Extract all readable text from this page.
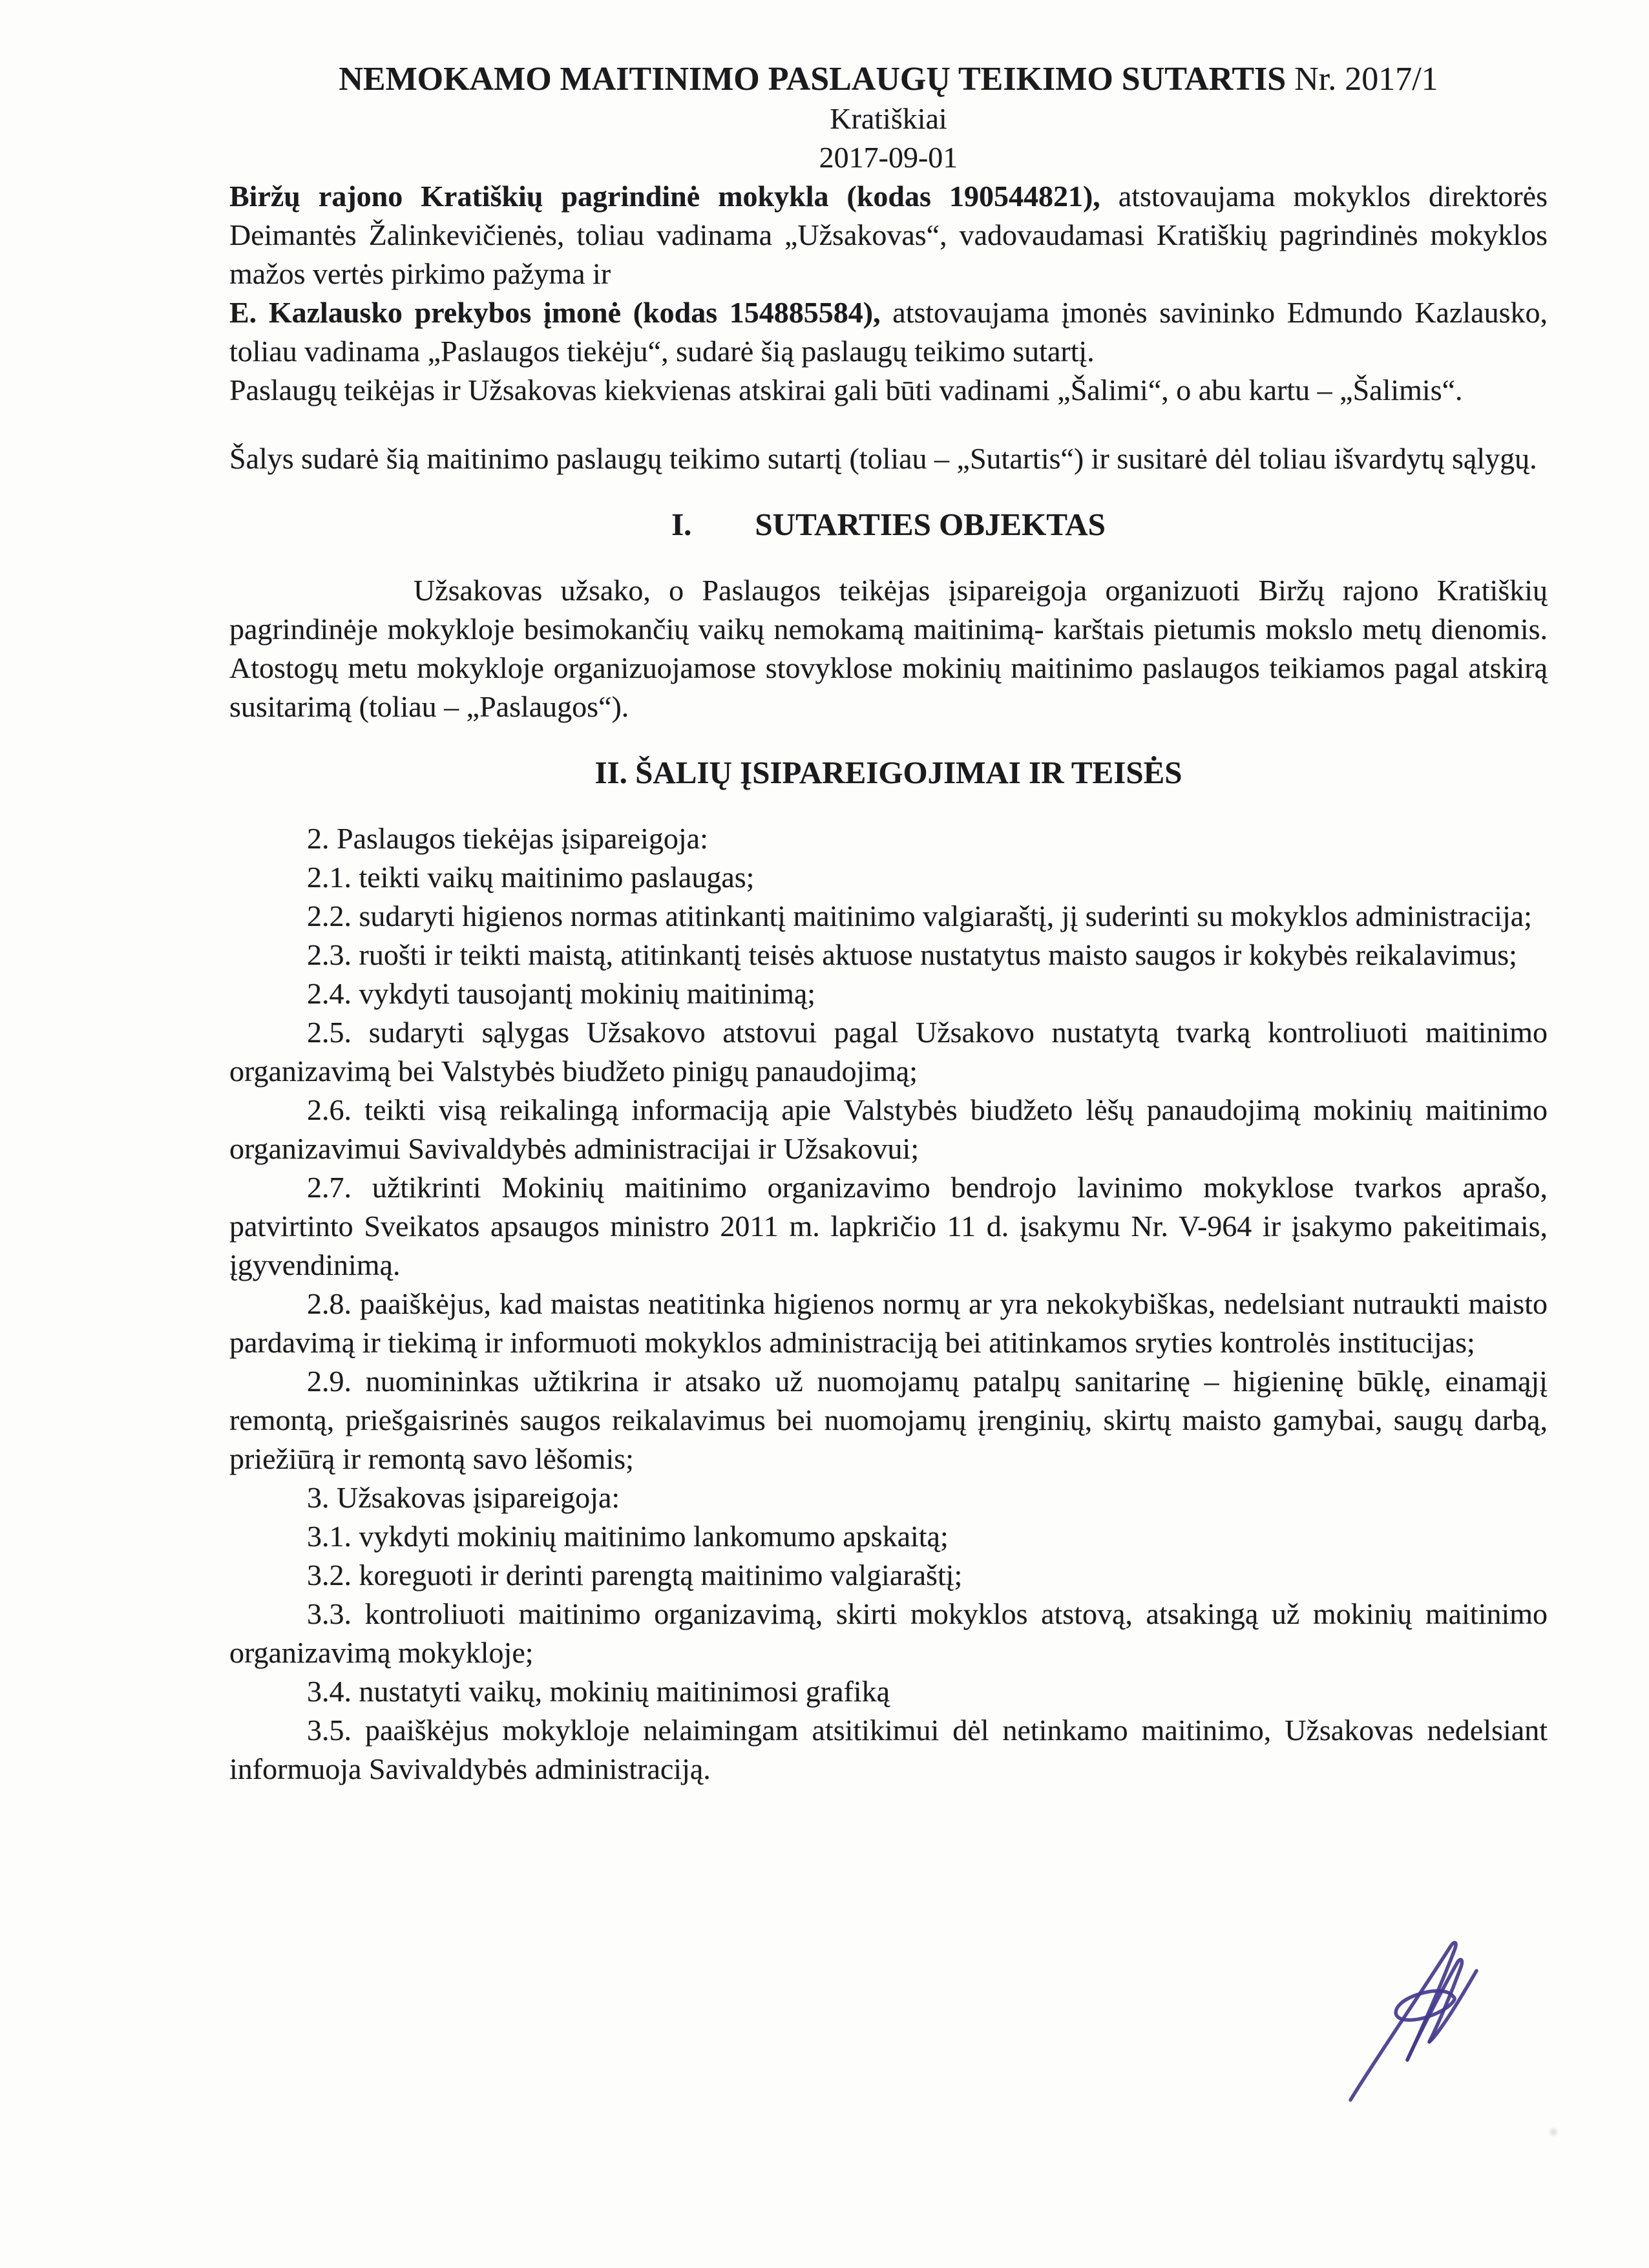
NEMOKAMO MAITINIMO PASLAUGŲ TEIKIMO SUTARTIS Nr. 2017/1

Kratiškiai

2017-09-01

Biržų rajono Kratiškių pagrindinė mokykla (kodas 190544821), atstovaujama mokyklos direktorės Deimantės Žalinkevičienės, toliau vadinama „Užsakovas“, vadovaudamasi Kratiškių pagrindinės mokyklos mažos vertės pirkimo pažyma ir

E. Kazlausko prekybos įmonė (kodas 154885584), atstovaujama įmonės savininko Edmundo Kazlausko, toliau vadinama „Paslaugos tiekėju“, sudarė šią paslaugų teikimo sutartį.

Paslaugų teikėjas ir Užsakovas kiekvienas atskirai gali būti vadinami „Šalimi“, o abu kartu – „Šalimis“.

Šalys sudarė šią maitinimo paslaugų teikimo sutartį (toliau – „Sutartis“) ir susitarė dėl toliau išvardytų sąlygų.

I.  SUTARTIES OBJEKTAS

Užsakovas užsako, o Paslaugos teikėjas įsipareigoja organizuoti Biržų rajono Kratiškių pagrindinėje mokykloje besimokančių vaikų nemokamą maitinimą- karštais pietumis mokslo metų dienomis. Atostogų metu mokykloje organizuojamose stovyklose mokinių maitinimo paslaugos teikiamos pagal atskirą susitarimą (toliau – „Paslaugos“).

II. ŠALIŲ ĮSIPAREIGOJIMAI IR TEISĖS

2. Paslaugos tiekėjas įsipareigoja:

2.1. teikti vaikų maitinimo paslaugas;

2.2. sudaryti higienos normas atitinkantį maitinimo valgiaraštį, jį suderinti su mokyklos administracija;

2.3. ruošti ir teikti maistą, atitinkantį teisės aktuose nustatytus maisto saugos ir kokybės reikalavimus;

2.4. vykdyti tausojantį mokinių maitinimą;

2.5. sudaryti sąlygas Užsakovo atstovui pagal Užsakovo nustatytą tvarką kontroliuoti maitinimo organizavimą bei Valstybės biudžeto pinigų panaudojimą;

2.6. teikti visą reikalingą informaciją apie Valstybės biudžeto lėšų panaudojimą mokinių maitinimo organizavimui Savivaldybės administracijai ir Užsakovui;

2.7. užtikrinti Mokinių maitinimo organizavimo bendrojo lavinimo mokyklose tvarkos aprašo, patvirtinto Sveikatos apsaugos ministro 2011 m. lapkričio 11 d. įsakymu Nr. V-964 ir įsakymo pakeitimais, įgyvendinimą.

2.8. paaiškėjus, kad maistas neatitinka higienos normų ar yra nekokybiškas, nedelsiant nutraukti maisto pardavimą ir tiekimą ir informuoti mokyklos administraciją bei atitinkamos sryties kontrolės institucijas;

2.9. nuomininkas užtikrina ir atsako už nuomojamų patalpų sanitarinę – higieninę būklę, einamąjį remontą, priešgaisrinės saugos reikalavimus bei nuomojamų įrenginių, skirtų maisto gamybai, saugų darbą, priežiūrą ir remontą savo lėšomis;

3. Užsakovas įsipareigoja:

3.1. vykdyti mokinių maitinimo lankomumo apskaitą;

3.2. koreguoti ir derinti parengtą maitinimo valgiaraštį;

3.3. kontroliuoti maitinimo organizavimą, skirti mokyklos atstovą, atsakingą už mokinių maitinimo organizavimą mokykloje;

3.4. nustatyti vaikų, mokinių maitinimosi grafiką

3.5. paaiškėjus mokykloje nelaimingam atsitikimui dėl netinkamo maitinimo, Užsakovas nedelsiant informuoja Savivaldybės administraciją.
